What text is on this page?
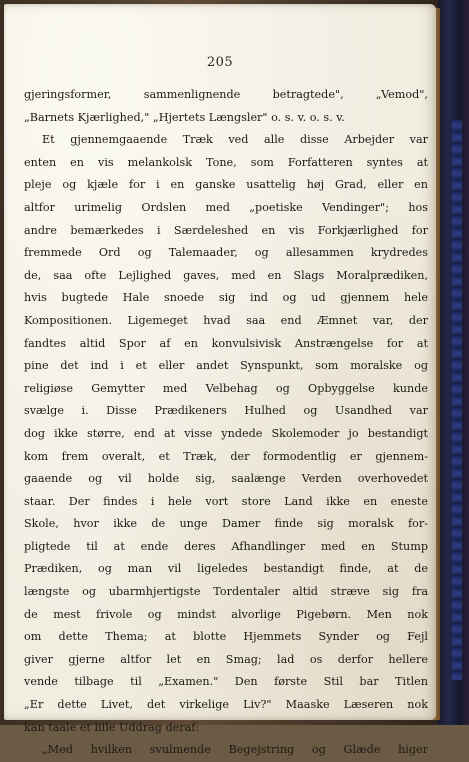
205
gjeringsformer, sammenlignende betragtede", „Vemod",
„Barnets Kjærlighed," „Hjertets Længsler" o. s. v. o. s. v.
Et gjennemgaaende Træk ved alle disse Arbejder var
enten en vis melankolsk Tone, som Forfatteren syntes at
pleje og kjæle for i en ganske usattelig høj Grad, eller en
altfor urimelig Ordslen med „poetiske Vendinger"; hos
andre bemærkedes i Særdeleshed en vis Forkjærlighed for
fremmede Ord og Talemaader, og allesammen krydredes
de, saa ofte Lejlighed gaves, med en Slags Moralprædiken,
hvis bugtede Hale snoede sig ind og ud gjennem hele
Kompositionen. Ligemeget hvad saa end Æmnet var, der
fandtes altid Spor af en konvulsivisk Anstrængelse for at
pine det ind i et eller andet Synspunkt, som moralske og
religiøse Gemytter med Velbehag og Opbyggelse kunde
svælge i. Disse Prædikeners Hulhed og Usandhed var
dog ikke større, end at visse yndede Skolemoder jo bestandigt
kom frem overalt, et Træk, der formodentlig er gjennem-
gaaende og vil holde sig, saalænge Verden overhovedet
staar. Der findes i hele vort store Land ikke en eneste
Skole, hvor ikke de unge Damer finde sig moralsk for-
pligtede til at ende deres Afhandlinger med en Stump
Prædiken, og man vil ligeledes bestandigt finde, at de
længste og ubarmhjertigste Tordentaler altid stræve sig fra
de mest frivole og mindst alvorlige Pigebørn. Men nok
om dette Thema; at blotte Hjemmets Synder og Fejl
giver gjerne altfor let en Smag; lad os derfor hellere
vende tilbage til „Examen." Den første Stil bar Titlen
„Er dette Livet, det virkelige Liv?" Maaske Læseren nok
kan taale et lille Uddrag deraf:
„Med hvilken svulmende Begejstring og Glæde higer
